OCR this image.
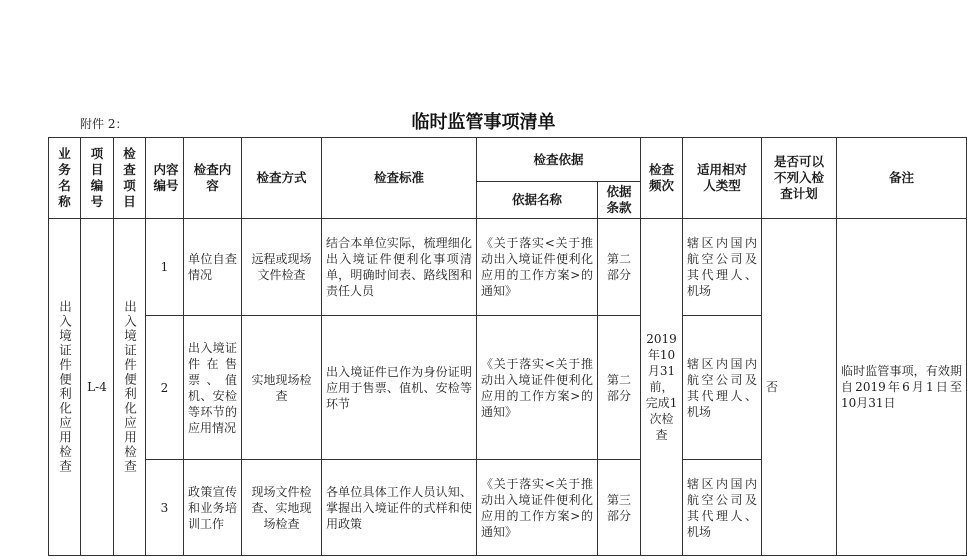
附件 2：	临时监管事项清单
业务名称	项目编号	检查项目	内容编号	检查内容	检查方式	检查标准	检查依据		检查频次	适用相对人类型	是否可以不列入检查计划	备注
							依据名称	依据条款				

出入境证件便利化应用检查	L-4	出入境证件便利化应用检查	1	单位自查情况	远程或现场文件检查	结合本单位实际，梳理细化出入境证件便利化事项清单，明确时间表、路线图和责任人员	《关于落实<关于推动出入境证件便利化应用的工作方案>的通知》	第二部分	2019年10月31前，完成1次检查	辖区内国内航空公司及其代理人、机场	否	临时监管事项，有效期自2019年6月1日至10月31日
			2	出入境证件在售票、值机、安检等环节的应用情况	实地现场检查	出入境证件已作为身份证明应用于售票、值机、安检等环节	《关于落实<关于推动出入境证件便利化应用的工作方案>的通知》	第二部分		辖区内国内航空公司及其代理人、机场		
			3	政策宣传和业务培训工作	现场文件检查、实地现场检查	各单位具体工作人员认知、掌握出入境证件的式样和使用政策	《关于落实<关于推动出入境证件便利化应用的工作方案>的通知》	第三部分		辖区内国内航空公司及其代理人、机场		
